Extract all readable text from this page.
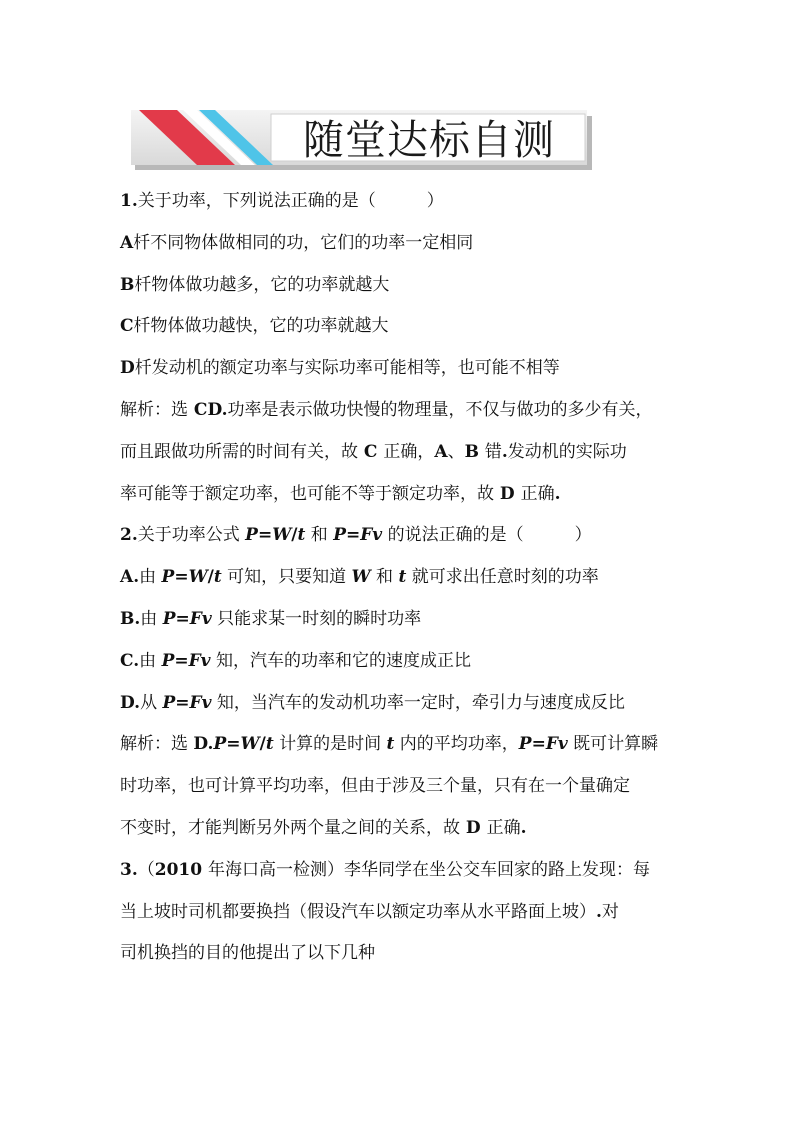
随堂达标自测
1.关于功率，下列说法正确的是（　　　）
A杄不同物体做相同的功，它们的功率一定相同
B杄物体做功越多，它的功率就越大
C杄物体做功越快，它的功率就越大
D杄发动机的额定功率与实际功率可能相等，也可能不相等
解析：选 CD.功率是表示做功快慢的物理量，不仅与做功的多少有关，
而且跟做功所需的时间有关，故 C 正确，A、B 错.发动机的实际功
率可能等于额定功率，也可能不等于额定功率，故 D 正确.
2.关于功率公式 P=W/t 和 P=Fv 的说法正确的是（　　　）
A.由 P=W/t 可知，只要知道 W 和 t 就可求出任意时刻的功率
B.由 P=Fv 只能求某一时刻的瞬时功率
C.由 P=Fv 知，汽车的功率和它的速度成正比
D.从 P=Fv 知，当汽车的发动机功率一定时，牵引力与速度成反比
解析：选 D.P=W/t 计算的是时间 t 内的平均功率，P=Fv 既可计算瞬
时功率，也可计算平均功率，但由于涉及三个量，只有在一个量确定
不变时，才能判断另外两个量之间的关系，故 D 正确.
3.（2010 年海口高一检测）李华同学在坐公交车回家的路上发现：每
当上坡时司机都要换挡（假设汽车以额定功率从水平路面上坡）.对
司机换挡的目的他提出了以下几种
